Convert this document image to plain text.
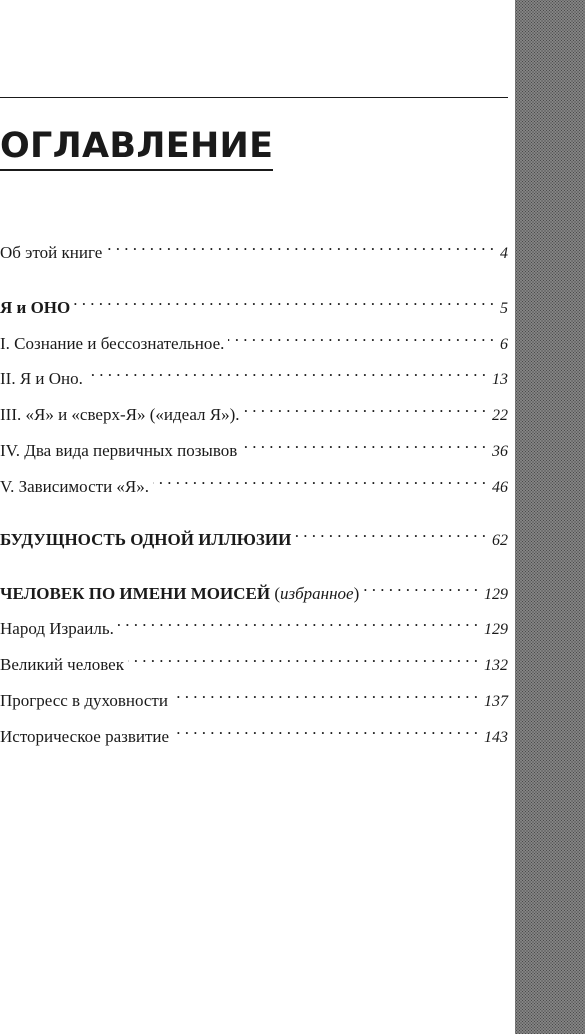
ОГЛАВЛЕНИЕ
Об этой книге . . .	4
Я и ОНО . . .	5
I. Сознание и бессознательное. . . .	6
II. Я и Оно. . . .	13
III. «Я» и «сверх-Я» («идеал Я»). . . .	22
IV. Два вида первичных позывов . . .	36
V. Зависимости «Я». . . .	46
БУДУЩНОСТЬ ОДНОЙ ИЛЛЮЗИИ . . .	62
ЧЕЛОВЕК ПО ИМЕНИ МОИСЕЙ (избранное) . . .	129
Народ Израиль. . . .	129
Великий человек . . .	132
Прогресс в духовности . . .	137
Историческое развитие . . .	143
